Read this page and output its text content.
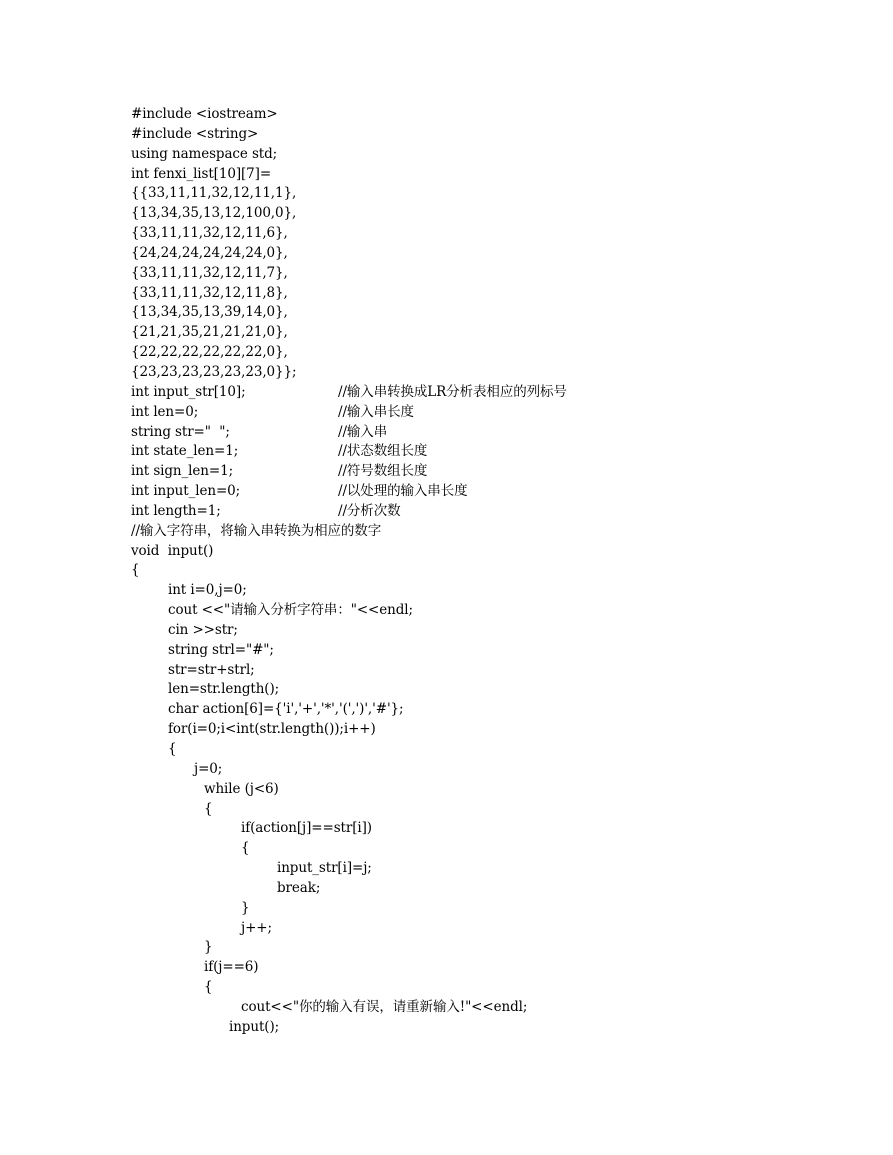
#include <iostream>
#include <string>
using namespace std;
int fenxi_list[10][7]=
{{33,11,11,32,12,11,1},
{13,34,35,13,12,100,0},
{33,11,11,32,12,11,6},
{24,24,24,24,24,24,0},
{33,11,11,32,12,11,7},
{33,11,11,32,12,11,8},
{13,34,35,13,39,14,0},
{21,21,35,21,21,21,0},
{22,22,22,22,22,22,0},
{23,23,23,23,23,23,0}};
int input_str[10];	//输入串转换成LR分析表相应的列标号
int len=0;	//输入串长度
string str="  ";	//输入串
int state_len=1;	//状态数组长度
int sign_len=1;	//符号数组长度
int input_len=0;	//以处理的输入串长度
int length=1;	//分析次数
//输入字符串，将输入串转换为相应的数字
void  input()
{
int i=0,j=0;
cout <<"请输入分析字符串："<<endl;
cin >>str;
string strl="#";
str=str+strl;
len=str.length();
char action[6]={'i','+','*','(',')','#'};
for(i=0;i<int(str.length());i++)
{
j=0;
while (j<6)
{
if(action[j]==str[i])
{
input_str[i]=j;
break;
}
j++;
}
if(j==6)
{
cout<<"你的输入有误，请重新输入!"<<endl;
input();
